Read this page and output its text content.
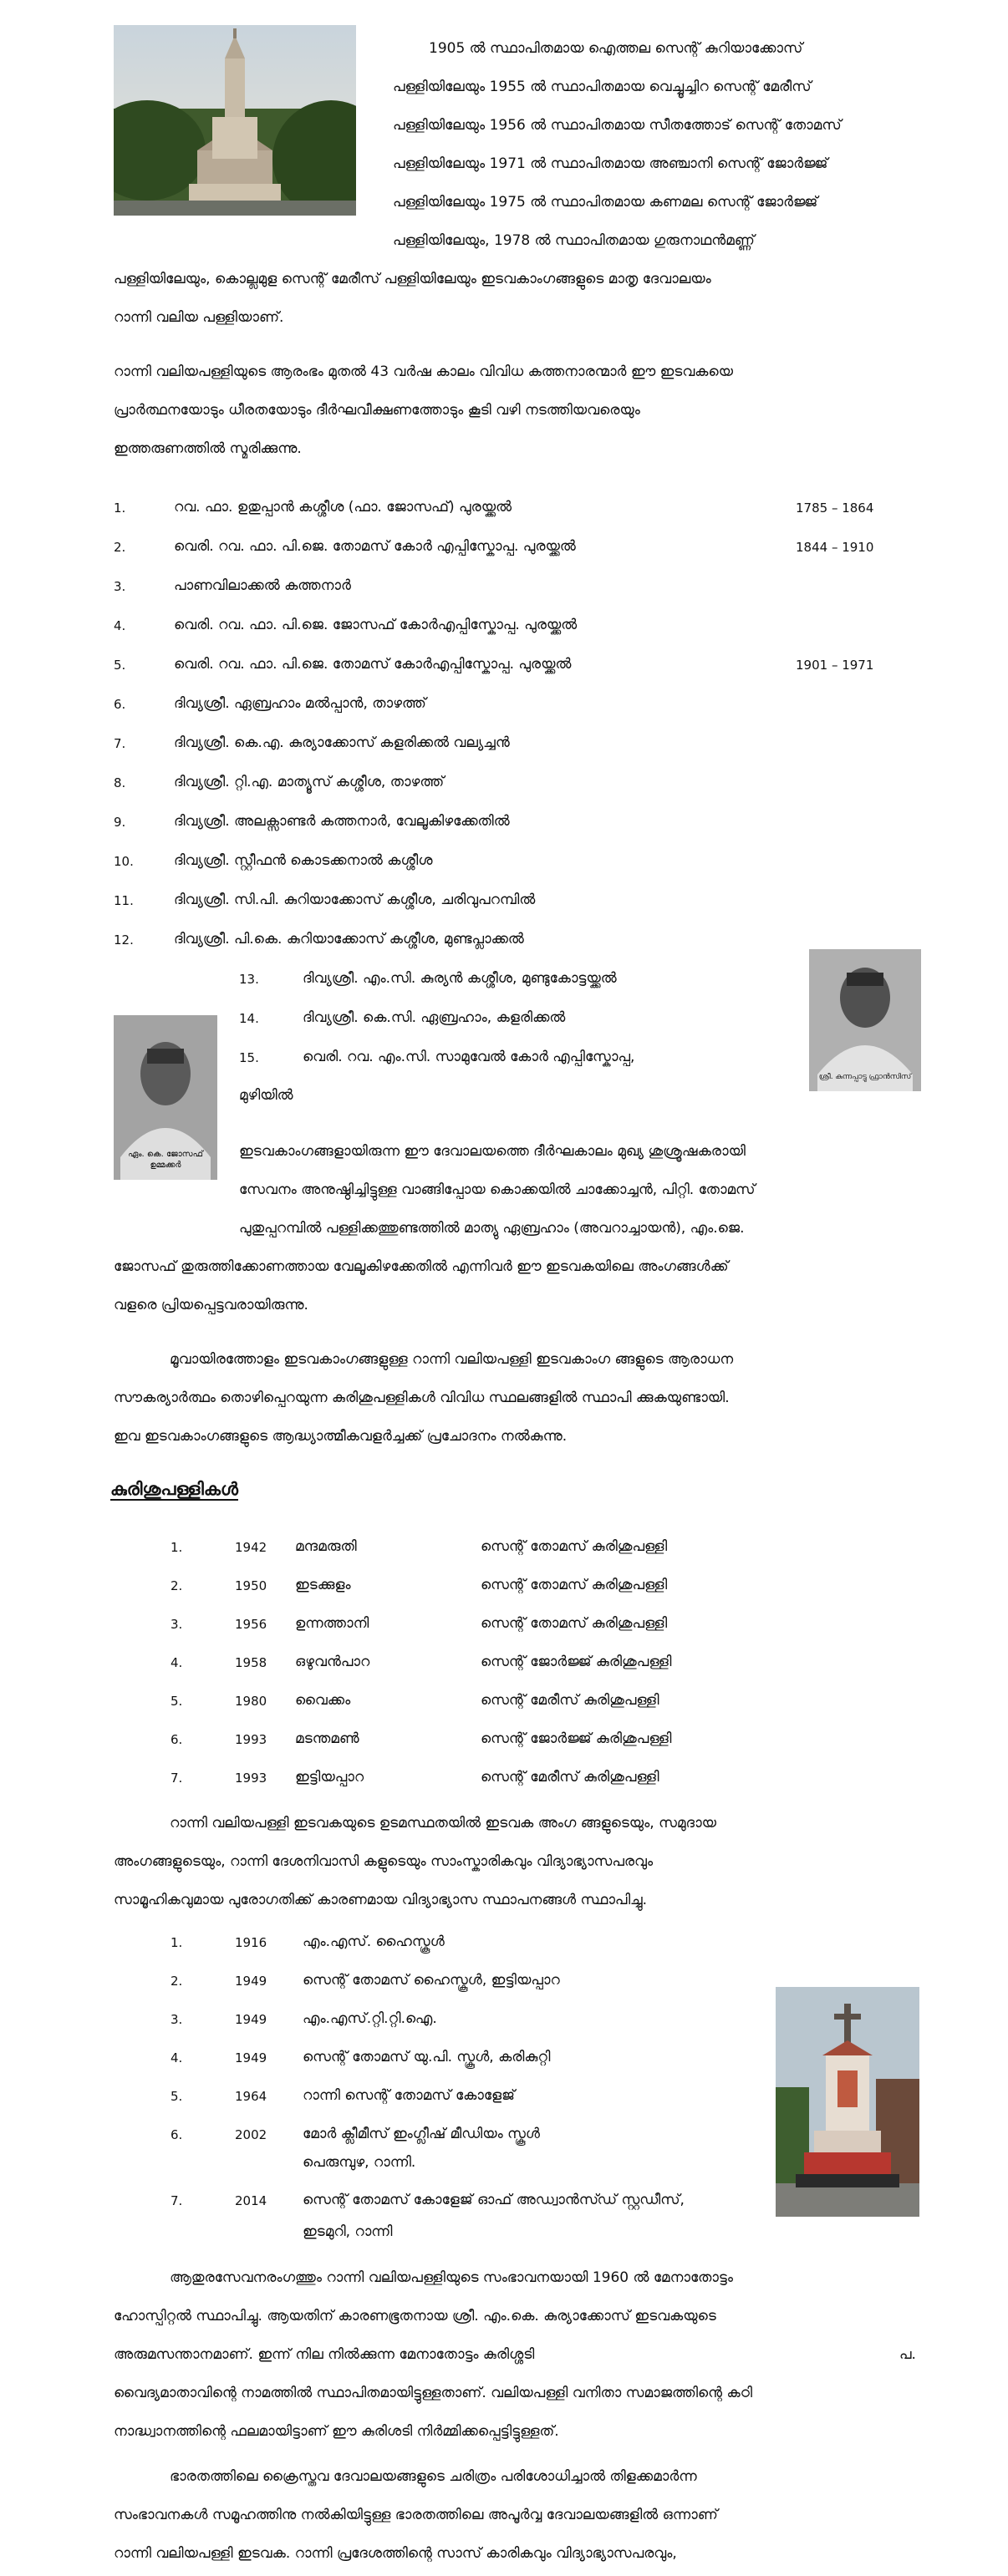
1905 ൽ സ്ഥാപിതമായ ഐത്തല സെന്റ് കുറിയാക്കോസ്
പള്ളിയിലേയും 1955 ൽ സ്ഥാപിതമായ വെച്ചൂച്ചിറ സെന്റ് മേരീസ്
പള്ളിയിലേയും 1956 ൽ സ്ഥാപിതമായ സീതത്തോട് സെന്റ് തോമസ്
പള്ളിയിലേയും 1971 ൽ സ്ഥാപിതമായ അഞ്ചാനി സെന്റ് ജോർജ്ജ്
പള്ളിയിലേയും 1975 ൽ സ്ഥാപിതമായ കണമല സെന്റ് ജോർജ്ജ്
പള്ളിയിലേയും, 1978 ൽ സ്ഥാപിതമായ ഗുരുനാഥൻമണ്ണ്
പള്ളിയിലേയും, കൊല്ലമുള സെന്റ് മേരീസ് പള്ളിയിലേയും ഇടവകാംഗങ്ങളുടെ മാതൃ ദേവാലയം
റാന്നി വലിയ പള്ളിയാണ്.
റാന്നി വലിയപള്ളിയുടെ ആരംഭം മുതൽ 43 വർഷ കാലം വിവിധ കത്തനാരന്മാർ ഈ ഇടവകയെ
പ്രാർത്ഥനയോടും ധീരതയോടും ദീർഘവീക്ഷണത്തോടും കൂടി വഴി നടത്തിയവരെയും
ഇത്തരുണത്തിൽ സ്മരിക്കുന്നു.
1.	റവ. ഫാ. ഉതുപ്പാൻ കശ്ശീശ (ഫാ. ജോസഫ്) പുരയ്ക്കൽ	1785 – 1864
2.	വെരി. റവ. ഫാ. പി.ജെ. തോമസ് കോർ എപ്പിസ്കോപ്പ. പുരയ്ക്കൽ	1844 – 1910
3.	പാണവിലാക്കൽ കത്തനാർ
4.	വെരി. റവ. ഫാ. പി.ജെ. ജോസഫ് കോർഎപ്പിസ്കോപ്പ. പുരയ്ക്കൽ
5.	വെരി. റവ. ഫാ. പി.ജെ. തോമസ് കോർഎപ്പിസ്കോപ്പ. പുരയ്ക്കൽ	1901 – 1971
6.	ദിവ്യശ്രീ. ഏബ്രഹാം മൽപ്പാൻ, താഴത്ത്
7.	ദിവ്യശ്രീ. കെ.എ. കുര്യാക്കോസ് കളരിക്കൽ വല്യച്ചൻ
8.	ദിവ്യശ്രീ. റ്റി.എ. മാത്യൂസ് കശ്ശീശ, താഴത്ത്
9.	ദിവ്യശ്രീ. അലക്സാണ്ടർ കത്തനാർ, വേലൂകിഴക്കേതിൽ
10.	ദിവ്യശ്രീ. സ്റ്റീഫൻ കൊടക്കനാൽ കശ്ശീശ
11.	ദിവ്യശ്രീ. സി.പി. കുറിയാക്കോസ് കശ്ശീശ, ചരിവുപറമ്പിൽ
12.	ദിവ്യശ്രീ. പി.കെ. കുറിയാക്കോസ് കശ്ശീശ, മുണ്ടപ്ലാക്കൽ
13.	ദിവ്യശ്രീ. എം.സി. കുര്യൻ കശ്ശീശ, മുണ്ടുകോട്ടയ്ക്കൽ
14.	ദിവ്യശ്രീ. കെ.സി. ഏബ്രഹാം, കളരിക്കൽ
15.	വെരി. റവ. എം.സി. സാമുവേൽ കോർ എപ്പിസ്കോപ്പ,
മുഴിയിൽ
ഏം. കെ. ജോസഫ് ഉമ്മക്കർ
ശ്രീ. കുന്നപ്പാട്ടു ഫ്രാൻസിസ്
ഇടവകാംഗങ്ങളായിരുന്ന ഈ ദേവാലയത്തെ ദീർഘകാലം മുഖ്യ ശുശ്രൂഷകരായി
സേവനം അനുഷ്ഠിച്ചിട്ടുള്ള വാങ്ങിപ്പോയ കൊക്കയിൽ ചാക്കോച്ചൻ, പിറ്റി. തോമസ്
പുതുപ്പറമ്പിൽ പള്ളിക്കത്തുണ്ടത്തിൽ മാത്യു ഏബ്രഹാം (അവറാച്ചായൻ), എം.ജെ.
ജോസഫ് തുരുത്തിക്കോണത്തായ വേലൂകിഴക്കേതിൽ എന്നിവർ ഈ ഇടവകയിലെ അംഗങ്ങൾക്ക്
വളരെ പ്രിയപ്പെട്ടവരായിരുന്നു.
മൂവായിരത്തോളം ഇടവകാംഗങ്ങളുള്ള റാന്നി വലിയപള്ളി ഇടവകാംഗ ങ്ങളുടെ ആരാധന
സൗകര്യാർത്ഥം തൊഴിപ്പെറയുന്ന കുരിശുപള്ളികൾ വിവിധ സ്ഥലങ്ങളിൽ സ്ഥാപി ക്കുകയുണ്ടായി.
ഇവ ഇടവകാംഗങ്ങളുടെ ആദ്ധ്യാത്മീകവളർച്ചക്ക് പ്രചോദനം നൽകുന്നു.
കുരിശുപള്ളികൾ
1.	1942 മന്ദമരുതി	സെന്റ് തോമസ് കുരിശുപള്ളി
2.	1950 ഇടക്കുളം	സെന്റ് തോമസ് കുരിശുപള്ളി
3.	1956 ഉന്നത്താനി	സെന്റ് തോമസ് കുരിശുപള്ളി
4.	1958 ഒഴുവൻപാറ	സെന്റ് ജോർജ്ജ് കുരിശുപള്ളി
5.	1980 വൈക്കം	സെന്റ് മേരീസ് കുരിശുപള്ളി
6.	1993 മടന്തമൺ	സെന്റ് ജോർജ്ജ് കുരിശുപള്ളി
7.	1993 ഇട്ടിയപ്പാറ	സെന്റ് മേരീസ് കുരിശുപള്ളി
റാന്നി വലിയപള്ളി ഇടവകയുടെ ഉടമസ്ഥതയിൽ ഇടവക അംഗ ങ്ങളുടെയും, സമുദായ
അംഗങ്ങളുടെയും, റാന്നി ദേശനിവാസി കളുടെയും സാംസ്കാരികവും വിദ്യാഭ്യാസപരവും
സാമൂഹികവുമായ പുരോഗതിക്ക് കാരണമായ വിദ്യാഭ്യാസ സ്ഥാപനങ്ങൾ സ്ഥാപിച്ചു.
1.	1916	എം.എസ്. ഹൈസ്കൂൾ
2.	1949	സെന്റ് തോമസ് ഹൈസ്കൂൾ, ഇട്ടിയപ്പാറ
3.	1949	എം.എസ്.റ്റി.റ്റി.ഐ.
4.	1949	സെന്റ് തോമസ് യു.പി. സ്കൂൾ, കരികുറ്റി
5.	1964	റാന്നി സെന്റ് തോമസ് കോളേജ്
6.	2002	മോർ ക്ലീമീസ് ഇംഗ്ലീഷ് മീഡിയം സ്കൂൾ
പെരുമ്പുഴ, റാന്നി.
7.	2014	സെന്റ് തോമസ് കോളേജ് ഓഫ് അഡ്വാൻസ്ഡ് സ്റ്റഡീസ്,
ഇടമുറി, റാന്നി
ആതുരസേവനരംഗത്തും റാന്നി വലിയപള്ളിയുടെ സംഭാവനയായി 1960 ൽ മേനാതോട്ടം
ഹോസ്പിറ്റൽ സ്ഥാപിച്ചു. ആയതിന് കാരണഭൂതനായ ശ്രീ. എം.കെ. കുര്യാക്കോസ് ഇടവകയുടെ
അരുമസന്താനമാണ്. ഇന്ന് നില നിൽക്കുന്ന മേനാതോട്ടം കുരിശ്ശടി	പ.
വൈദ്യമാതാവിന്റെ നാമത്തിൽ സ്ഥാപിതമായിട്ടുള്ളതാണ്. വലിയപള്ളി വനിതാ സമാജത്തിന്റെ കഠി
നാദ്ധ്വാനത്തിന്റെ ഫലമായിട്ടാണ് ഈ കുരിശടി നിർമ്മിക്കപ്പെട്ടിട്ടുള്ളത്.
ഭാരതത്തിലെ ക്രൈസ്തവ ദേവാലയങ്ങളുടെ ചരിത്രം പരിശോധിച്ചാൽ തിളക്കമാർന്ന
സംഭാവനകൾ സമൂഹത്തിനു നൽകിയിട്ടുള്ള ഭാരതത്തിലെ അപൂർവ്വ ദേവാലയങ്ങളിൽ ഒന്നാണ്
റാന്നി വലിയപള്ളി ഇടവക. റാന്നി പ്രദേശത്തിന്റെ സാസ് കാരികവും വിദ്യാഭ്യാസപരവും,
